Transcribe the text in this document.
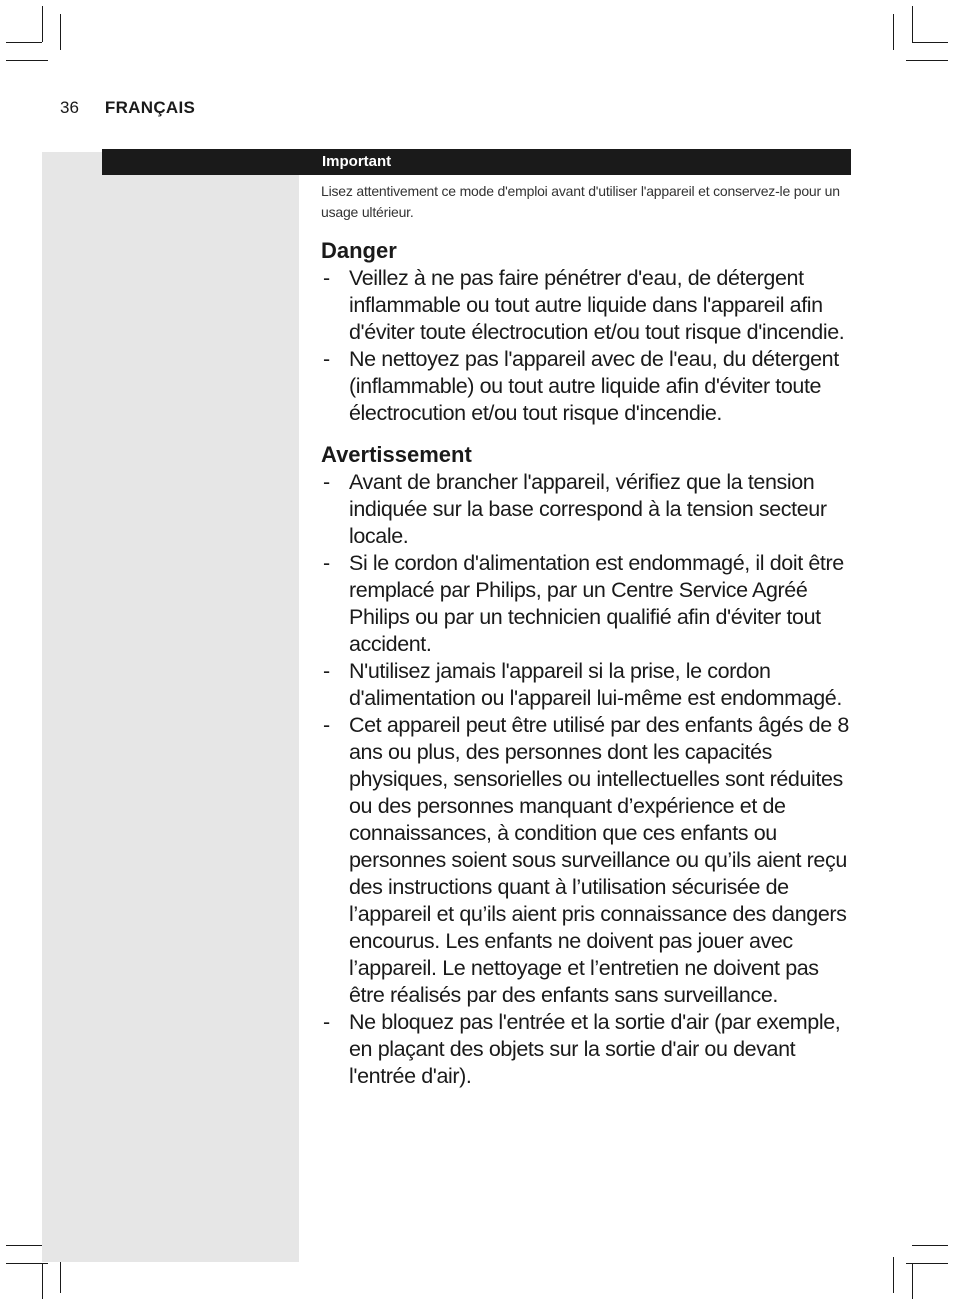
36 FRANÇAIS
Important

Lisez attentivement ce mode d'emploi avant d'utiliser l'appareil et conservez-le pour un usage ultérieur.

Danger
- Veillez à ne pas faire pénétrer d'eau, de détergent inflammable ou tout autre liquide dans l'appareil afin d'éviter toute électrocution et/ou tout risque d'incendie.
- Ne nettoyez pas l'appareil avec de l'eau, du détergent (inflammable) ou tout autre liquide afin d'éviter toute électrocution et/ou tout risque d'incendie.
Avertissement
- Avant de brancher l'appareil, vérifiez que la tension indiquée sur la base correspond à la tension secteur locale.
- Si le cordon d'alimentation est endommagé, il doit être remplacé par Philips, par un Centre Service Agréé Philips ou par un technicien qualifié afin d'éviter tout accident.
- N'utilisez jamais l'appareil si la prise, le cordon d'alimentation ou l'appareil lui-même est endommagé.
- Cet appareil peut être utilisé par des enfants âgés de 8 ans ou plus, des personnes dont les capacités physiques, sensorielles ou intellectuelles sont réduites ou des personnes manquant d’expérience et de connaissances, à condition que ces enfants ou personnes soient sous surveillance ou qu’ils aient reçu des instructions quant à l’utilisation sécurisée de l’appareil et qu’ils aient pris connaissance des dangers encourus. Les enfants ne doivent pas jouer avec l’appareil. Le nettoyage et l’entretien ne doivent pas être réalisés par des enfants sans surveillance.
- Ne bloquez pas l'entrée et la sortie d'air (par exemple, en plaçant des objets sur la sortie d'air ou devant l'entrée d'air).
